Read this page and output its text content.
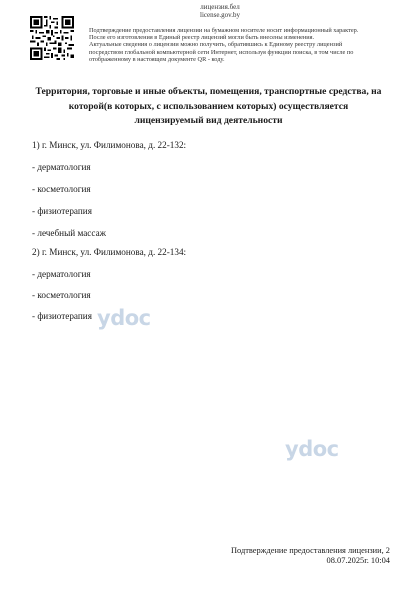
лицензия.бел
license.gov.by
Подтверждение предоставления лицензии на бумажном носителе носит информационный характер.
После его изготовления в Единый реестр лицензий могли быть внесены изменения.
Актуальные сведения о лицензии можно получить, обратившись к Единому реестру лицензий
посредством глобальной компьютерной сети Интернет, используя функции поиска, в том числе по
отображенному в настоящем документе QR - коду.
Территория, торговые и иные объекты, помещения, транспортные средства, на
которой(в которых, с использованием которых) осуществляется
лицензируемый вид деятельности
1) г. Минск, ул. Филимонова, д. 22-132:
- дерматология
- косметология
- физиотерапия
- лечебный массаж
2) г. Минск, ул. Филимонова, д. 22-134:
- дерматология
- косметология
- физиотерапия ydoc
ydoc
Подтверждение предоставления лицензии, 2
08.07.2025г. 10:04
